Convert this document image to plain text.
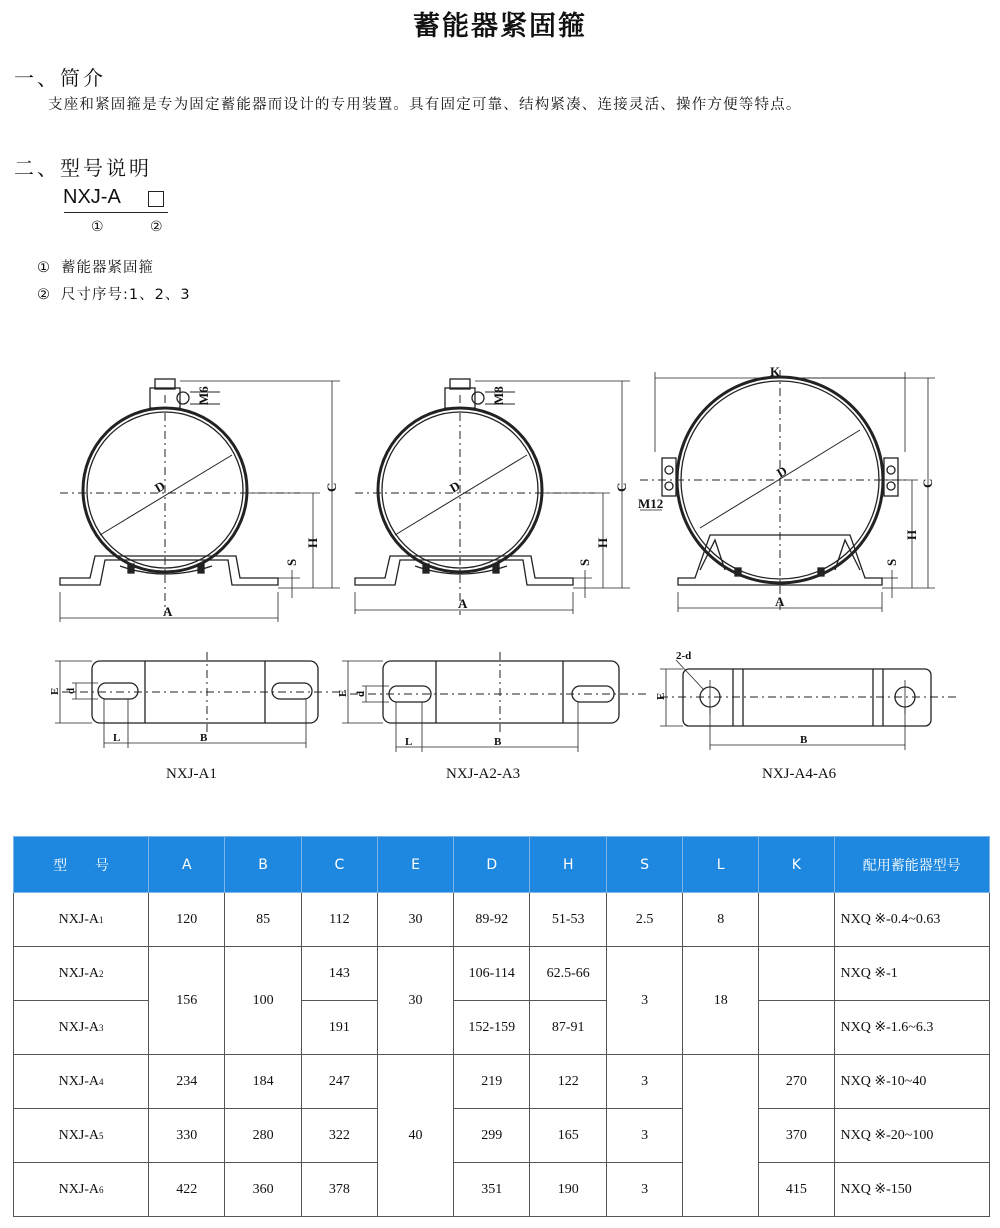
蓄能器紧固箍
一、简介
支座和紧固箍是专为固定蓄能器而设计的专用装置。具有固定可靠、结构紧凑、连接灵活、操作方便等特点。
二、型号说明
NXJ-A
①	②
① 蓄能器紧固箍
② 尺寸序号:1、2、3
M6
D	C
H
S
A
M8
D	C
H
S
A
K
D
C
H
S
M12
A
E d
L	B
E d
L	B
E
2-d
B
NXJ-A1	NXJ-A2-A3	NXJ-A4-A6
型　　号	A	B	C	E	D	H	S	L	K	配用蓄能器型号
NXJ-A1	120	85	112	30	89-92	51-53	2.5	8		NXQ ※-0.4~0.63
NXJ-A2	156	100	143	30	106-114	62.5-66	3	18		NXQ ※-1
NXJ-A3			191		152-159	87-91				NXQ ※-1.6~6.3
NXJ-A4	234	184	247	40	219	122	3		270	NXQ ※-10~40
NXJ-A5	330	280	322		299	165	3		370	NXQ ※-20~100
NXJ-A6	422	360	378		351	190	3		415	NXQ ※-150
